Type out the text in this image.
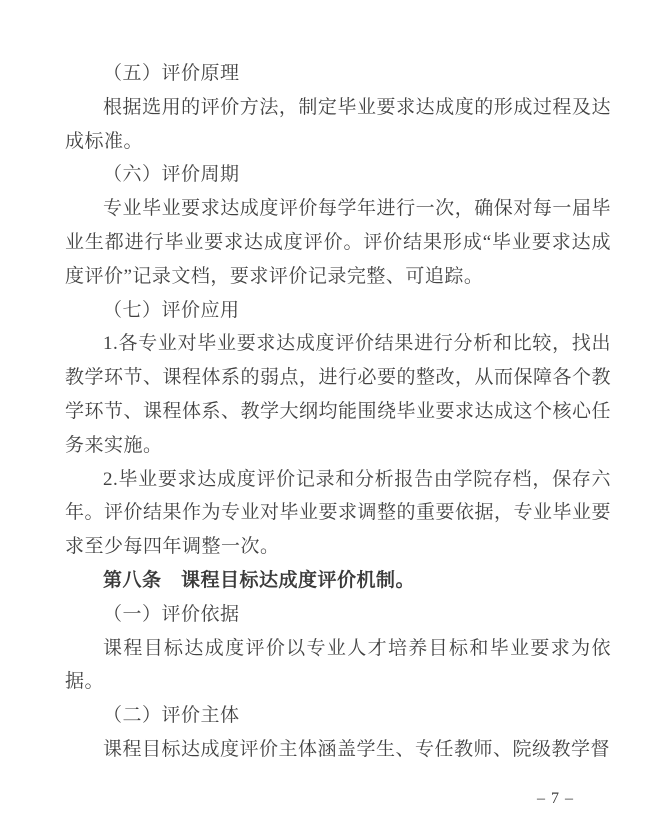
（五）评价原理

根据选用的评价方法，制定毕业要求达成度的形成过程及达成标准。

（六）评价周期

专业毕业要求达成度评价每学年进行一次，确保对每一届毕业生都进行毕业要求达成度评价。评价结果形成“毕业要求达成度评价”记录文档，要求评价记录完整、可追踪。

（七）评价应用

1.各专业对毕业要求达成度评价结果进行分析和比较，找出教学环节、课程体系的弱点，进行必要的整改，从而保障各个教学环节、课程体系、教学大纲均能围绕毕业要求达成这个核心任务来实施。

2.毕业要求达成度评价记录和分析报告由学院存档，保存六年。评价结果作为专业对毕业要求调整的重要依据，专业毕业要求至少每四年调整一次。

第八条　课程目标达成度评价机制。

（一）评价依据

课程目标达成度评价以专业人才培养目标和毕业要求为依据。

（二）评价主体

课程目标达成度评价主体涵盖学生、专任教师、院级教学督

– 7 –
